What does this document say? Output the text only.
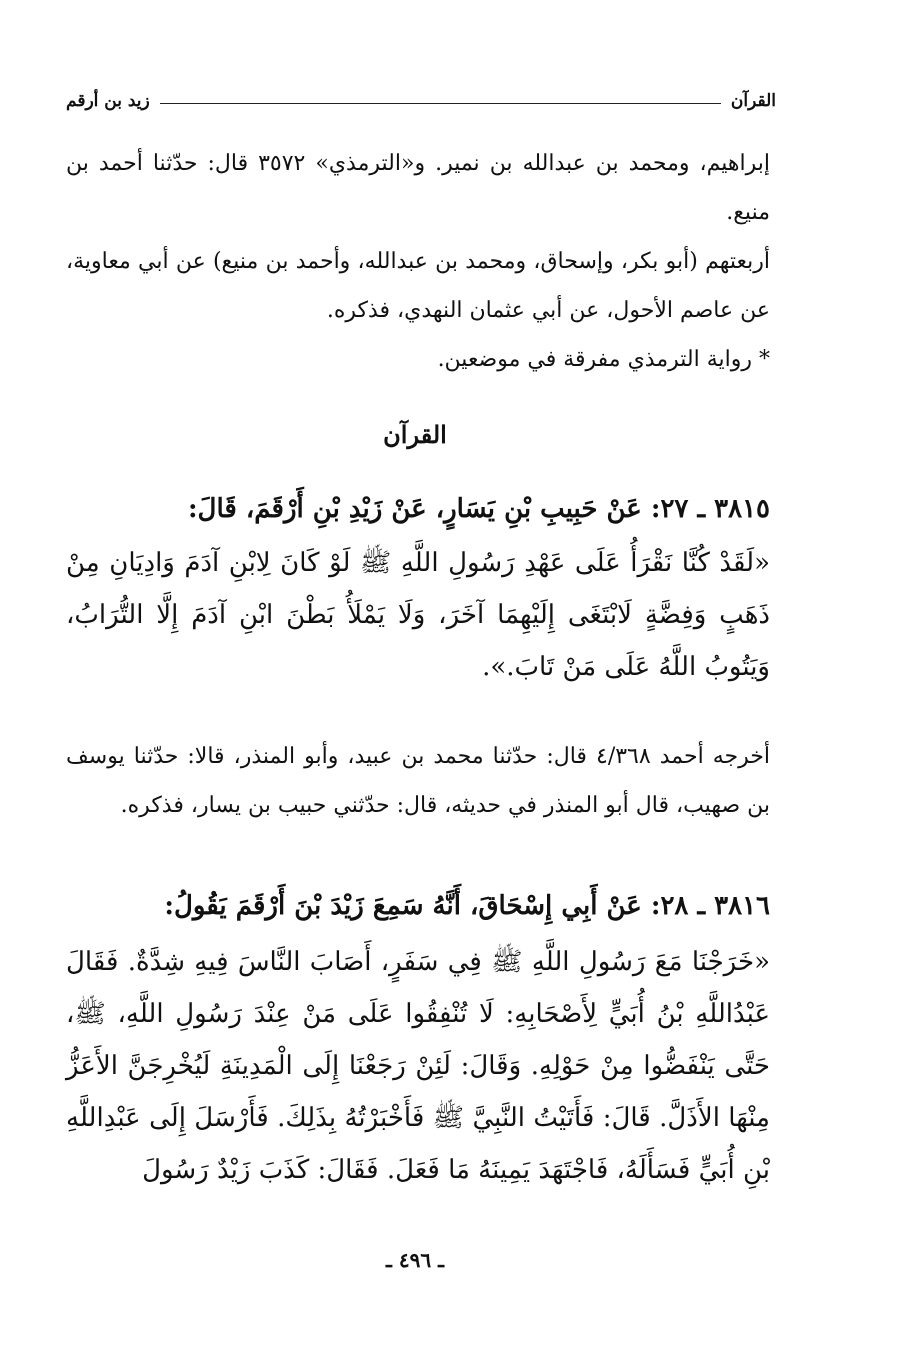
القرآن
زيد بن أرقم
إبراهيم، ومحمد بن عبدالله بن نمير. و«الترمذي» ٣٥٧٢ قال: حدّثنا أحمد بن منيع.
أربعتهم (أبو بكر، وإسحاق، ومحمد بن عبدالله، وأحمد بن منيع) عن أبي معاوية، عن عاصم الأحول، عن أبي عثمان النهدي، فذكره.
* رواية الترمذي مفرقة في موضعين.
القرآن
٣٨١٥ ـ ٢٧: عَنْ حَبِيبِ بْنِ يَسَارٍ، عَنْ زَيْدِ بْنِ أَرْقَمَ، قَالَ:
«لَقَدْ كُنَّا نَقْرَأُ عَلَى عَهْدِ رَسُولِ اللَّهِ ﷺ لَوْ كَانَ لِابْنِ آدَمَ وَادِيَانِ مِنْ ذَهَبٍ وَفِضَّةٍ لَابْتَغَى إِلَيْهِمَا آخَرَ، وَلَا يَمْلَأُ بَطْنَ ابْنِ آدَمَ إِلَّا التُّرَابُ، وَيَتُوبُ اللَّهُ عَلَى مَنْ تَابَ.».
أخرجه أحمد ٤/٣٦٨ قال: حدّثنا محمد بن عبيد، وأبو المنذر، قالا: حدّثنا يوسف بن صهيب، قال أبو المنذر في حديثه، قال: حدّثني حبيب بن يسار، فذكره.
٣٨١٦ ـ ٢٨: عَنْ أَبِي إِسْحَاقَ، أَنَّهُ سَمِعَ زَيْدَ بْنَ أَرْقَمَ يَقُولُ:
«خَرَجْنَا مَعَ رَسُولِ اللَّهِ ﷺ فِي سَفَرٍ، أَصَابَ النَّاسَ فِيهِ شِدَّةٌ. فَقَالَ عَبْدُاللَّهِ بْنُ أُبَيٍّ لِأَصْحَابِهِ: لَا تُنْفِقُوا عَلَى مَنْ عِنْدَ رَسُولِ اللَّهِ، ﷺ، حَتَّى يَنْفَضُّوا مِنْ حَوْلِهِ. وَقَالَ: لَئِنْ رَجَعْنَا إِلَى الْمَدِينَةِ لَيُخْرِجَنَّ الأَعَزُّ مِنْهَا الأَذَلَّ. قَالَ: فَأَتَيْتُ النَّبِيَّ ﷺ فَأَخْبَرْتُهُ بِذَلِكَ. فَأَرْسَلَ إِلَى عَبْدِاللَّهِ بْنِ أُبَيٍّ فَسَأَلَهُ، فَاجْتَهَدَ يَمِينَهُ مَا فَعَلَ. فَقَالَ: كَذَبَ زَيْدٌ رَسُولَ
ـ ٤٩٦ ـ
